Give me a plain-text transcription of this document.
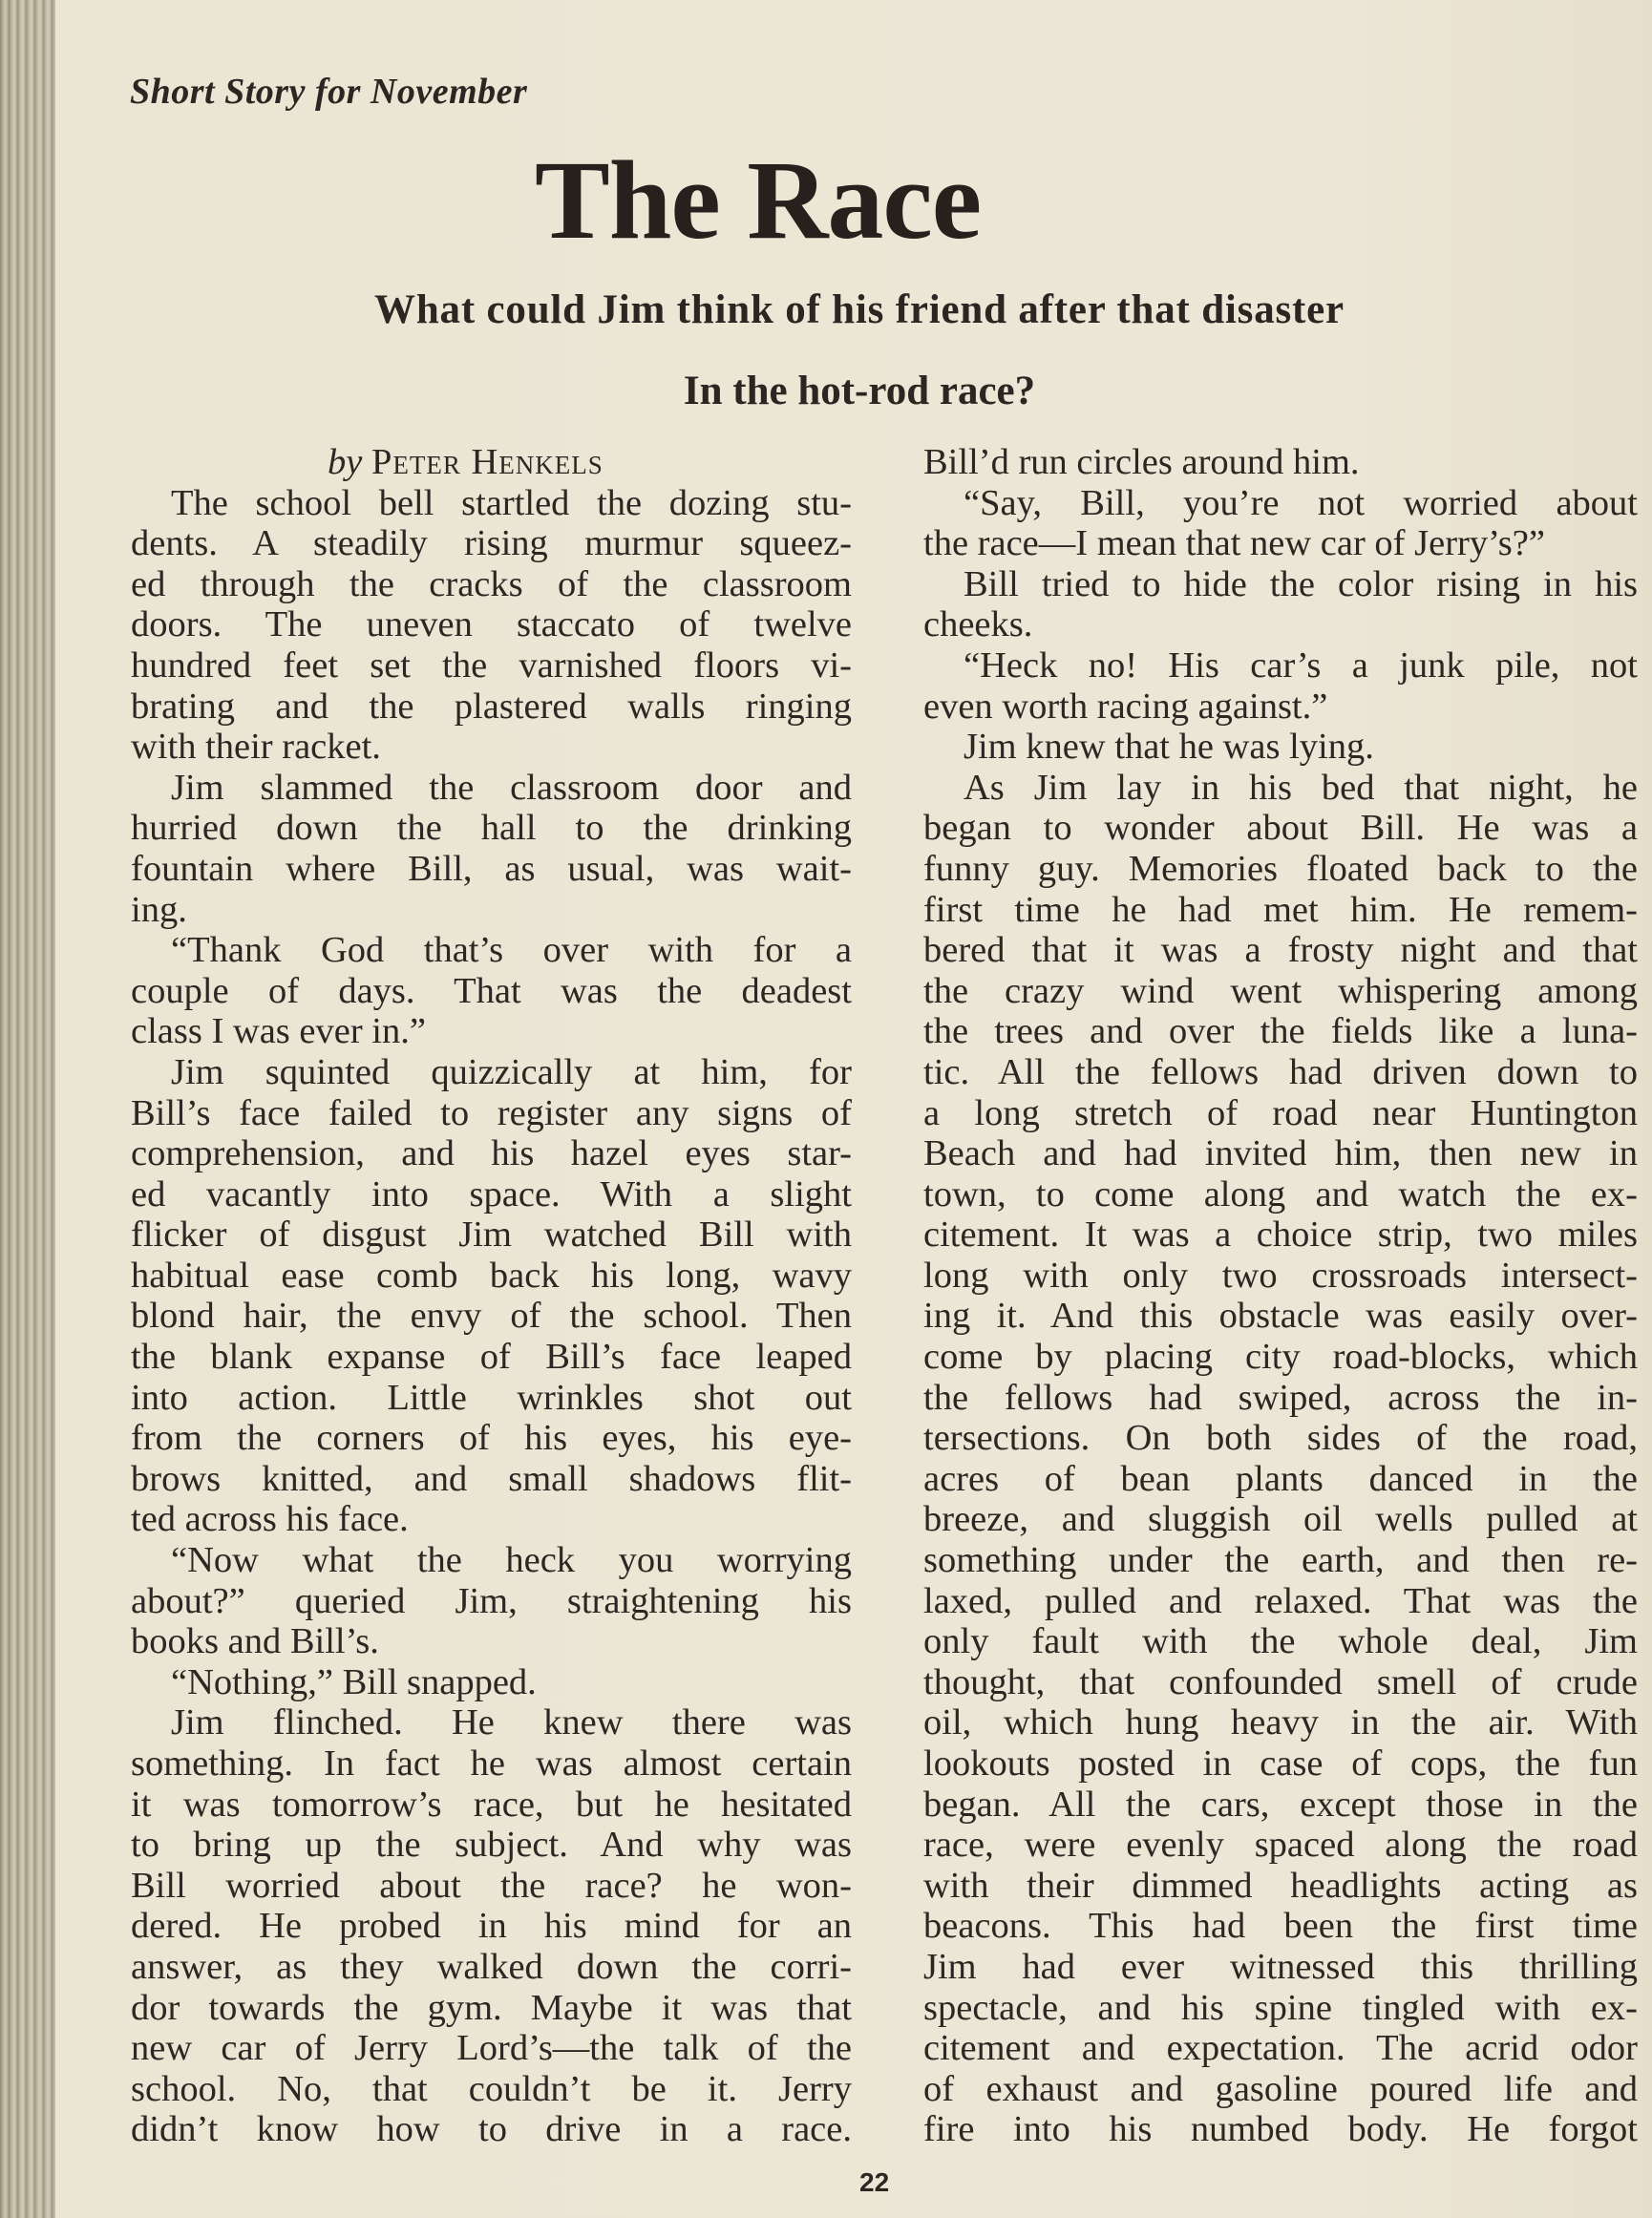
Short Story for November
The Race
What could Jim think of his friend after that disaster
In the hot-rod race?
by Peter Henkels
The school bell startled the dozing stu-
dents. A steadily rising murmur squeez-
ed through the cracks of the classroom
doors. The uneven staccato of twelve
hundred feet set the varnished floors vi-
brating and the plastered walls ringing
with their racket.
Jim slammed the classroom door and
hurried down the hall to the drinking
fountain where Bill, as usual, was wait-
ing.
“Thank God that’s over with for a
couple of days. That was the deadest
class I was ever in.”
Jim squinted quizzically at him, for
Bill’s face failed to register any signs of
comprehension, and his hazel eyes star-
ed vacantly into space. With a slight
flicker of disgust Jim watched Bill with
habitual ease comb back his long, wavy
blond hair, the envy of the school. Then
the blank expanse of Bill’s face leaped
into action. Little wrinkles shot out
from the corners of his eyes, his eye-
brows knitted, and small shadows flit-
ted across his face.
“Now what the heck you worrying
about?” queried Jim, straightening his
books and Bill’s.
“Nothing,” Bill snapped.
Jim flinched. He knew there was
something. In fact he was almost certain
it was tomorrow’s race, but he hesitated
to bring up the subject. And why was
Bill worried about the race? he won-
dered. He probed in his mind for an
answer, as they walked down the corri-
dor towards the gym. Maybe it was that
new car of Jerry Lord’s—the talk of the
school. No, that couldn’t be it. Jerry
didn’t know how to drive in a race.
Bill’d run circles around him.
“Say, Bill, you’re not worried about
the race—I mean that new car of Jerry’s?”
Bill tried to hide the color rising in his
cheeks.
“Heck no! His car’s a junk pile, not
even worth racing against.”
Jim knew that he was lying.
As Jim lay in his bed that night, he
began to wonder about Bill. He was a
funny guy. Memories floated back to the
first time he had met him. He remem-
bered that it was a frosty night and that
the crazy wind went whispering among
the trees and over the fields like a luna-
tic. All the fellows had driven down to
a long stretch of road near Huntington
Beach and had invited him, then new in
town, to come along and watch the ex-
citement. It was a choice strip, two miles
long with only two crossroads intersect-
ing it. And this obstacle was easily over-
come by placing city road-blocks, which
the fellows had swiped, across the in-
tersections. On both sides of the road,
acres of bean plants danced in the
breeze, and sluggish oil wells pulled at
something under the earth, and then re-
laxed, pulled and relaxed. That was the
only fault with the whole deal, Jim
thought, that confounded smell of crude
oil, which hung heavy in the air. With
lookouts posted in case of cops, the fun
began. All the cars, except those in the
race, were evenly spaced along the road
with their dimmed headlights acting as
beacons. This had been the first time
Jim had ever witnessed this thrilling
spectacle, and his spine tingled with ex-
citement and expectation. The acrid odor
of exhaust and gasoline poured life and
fire into his numbed body. He forgot
22
